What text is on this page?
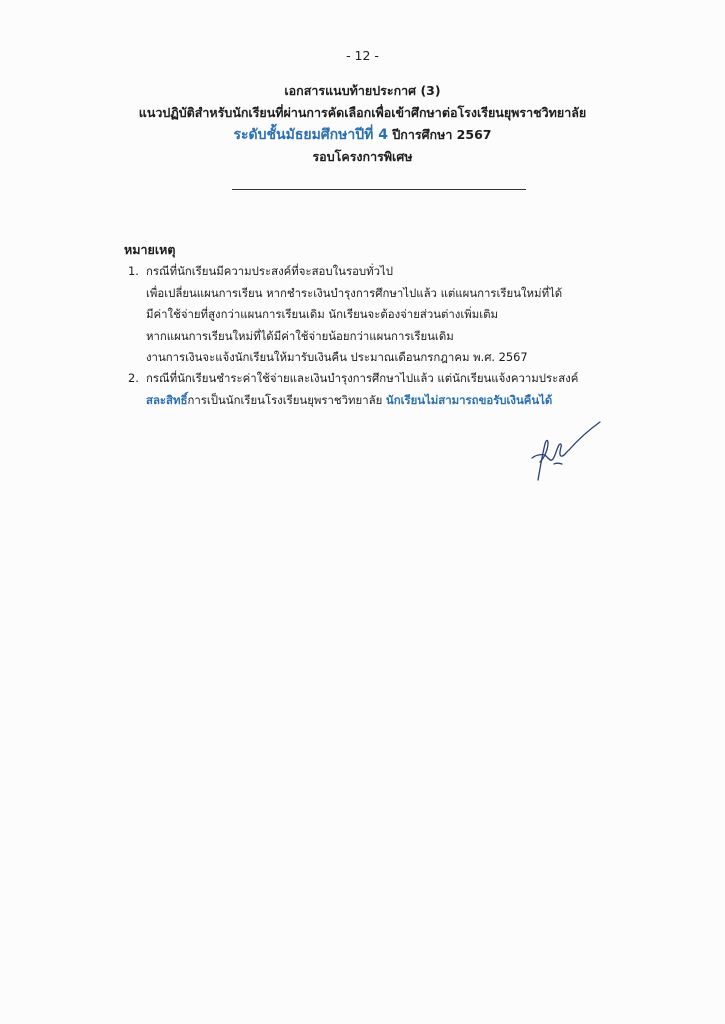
- 12 -
เอกสารแนบท้ายประกาศ (3)
แนวปฏิบัติสำหรับนักเรียนที่ผ่านการคัดเลือกเพื่อเข้าศึกษาต่อโรงเรียนยุพราชวิทยาลัย
ระดับชั้นมัธยมศึกษาปีที่ 4 ปีการศึกษา 2567
รอบโครงการพิเศษ
หมายเหตุ
1. กรณีที่นักเรียนมีความประสงค์ที่จะสอบในรอบทั่วไป
เพื่อเปลี่ยนแผนการเรียน หากชำระเงินบำรุงการศึกษาไปแล้ว แต่แผนการเรียนใหม่ที่ได้
มีค่าใช้จ่ายที่สูงกว่าแผนการเรียนเดิม นักเรียนจะต้องจ่ายส่วนต่างเพิ่มเติม
หากแผนการเรียนใหม่ที่ได้มีค่าใช้จ่ายน้อยกว่าแผนการเรียนเดิม
งานการเงินจะแจ้งนักเรียนให้มารับเงินคืน ประมาณเดือนกรกฎาคม พ.ศ. 2567
2. กรณีที่นักเรียนชำระค่าใช้จ่ายและเงินบำรุงการศึกษาไปแล้ว แต่นักเรียนแจ้งความประสงค์
สละสิทธิ์การเป็นนักเรียนโรงเรียนยุพราชวิทยาลัย นักเรียนไม่สามารถขอรับเงินคืนได้
